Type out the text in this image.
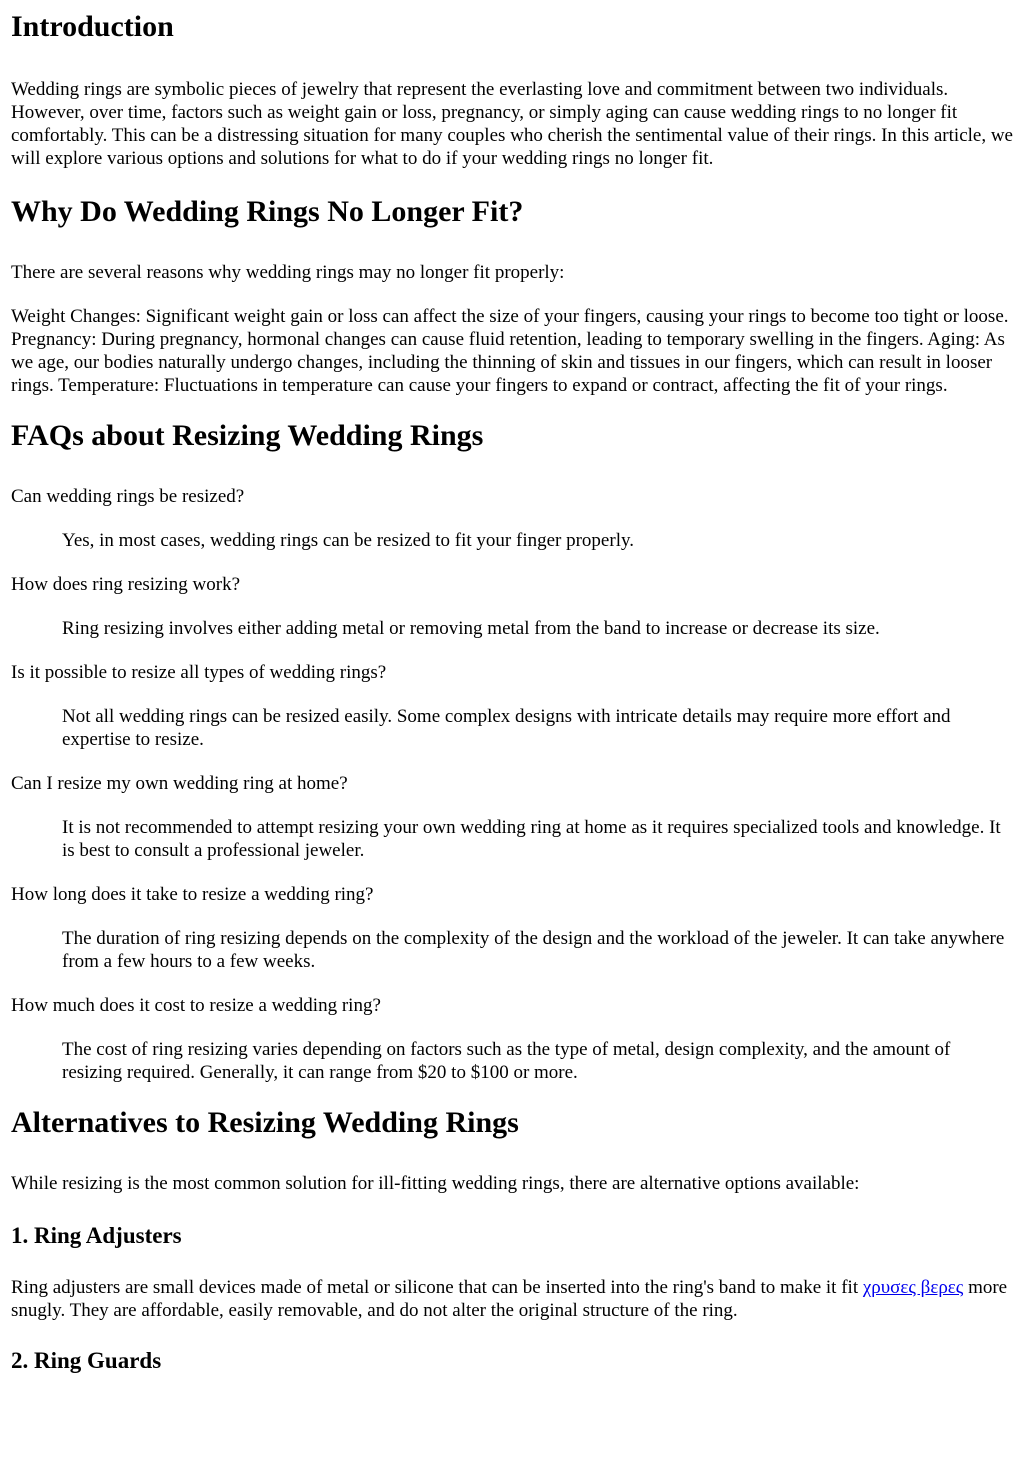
Introduction

Wedding rings are symbolic pieces of jewelry that represent the everlasting love and commitment between two individuals. However, over time, factors such as weight gain or loss, pregnancy, or simply aging can cause wedding rings to no longer fit comfortably. This can be a distressing situation for many couples who cherish the sentimental value of their rings. In this article, we will explore various options and solutions for what to do if your wedding rings no longer fit.

Why Do Wedding Rings No Longer Fit?

There are several reasons why wedding rings may no longer fit properly:

Weight Changes: Significant weight gain or loss can affect the size of your fingers, causing your rings to become too tight or loose. Pregnancy: During pregnancy, hormonal changes can cause fluid retention, leading to temporary swelling in the fingers. Aging: As we age, our bodies naturally undergo changes, including the thinning of skin and tissues in our fingers, which can result in looser rings. Temperature: Fluctuations in temperature can cause your fingers to expand or contract, affecting the fit of your rings.

FAQs about Resizing Wedding Rings
Can wedding rings be resized?
Yes, in most cases, wedding rings can be resized to fit your finger properly.
How does ring resizing work?
Ring resizing involves either adding metal or removing metal from the band to increase or decrease its size.
Is it possible to resize all types of wedding rings?
Not all wedding rings can be resized easily. Some complex designs with intricate details may require more effort and expertise to resize.
Can I resize my own wedding ring at home?
It is not recommended to attempt resizing your own wedding ring at home as it requires specialized tools and knowledge. It is best to consult a professional jeweler.
How long does it take to resize a wedding ring?
The duration of ring resizing depends on the complexity of the design and the workload of the jeweler. It can take anywhere from a few hours to a few weeks.
How much does it cost to resize a wedding ring?
The cost of ring resizing varies depending on factors such as the type of metal, design complexity, and the amount of resizing required. Generally, it can range from $20 to $100 or more.
Alternatives to Resizing Wedding Rings

While resizing is the most common solution for ill-fitting wedding rings, there are alternative options available:

1. Ring Adjusters

Ring adjusters are small devices made of metal or silicone that can be inserted into the ring's band to make it fit χρυσες βερες more snugly. They are affordable, easily removable, and do not alter the original structure of the ring.

2. Ring Guards
